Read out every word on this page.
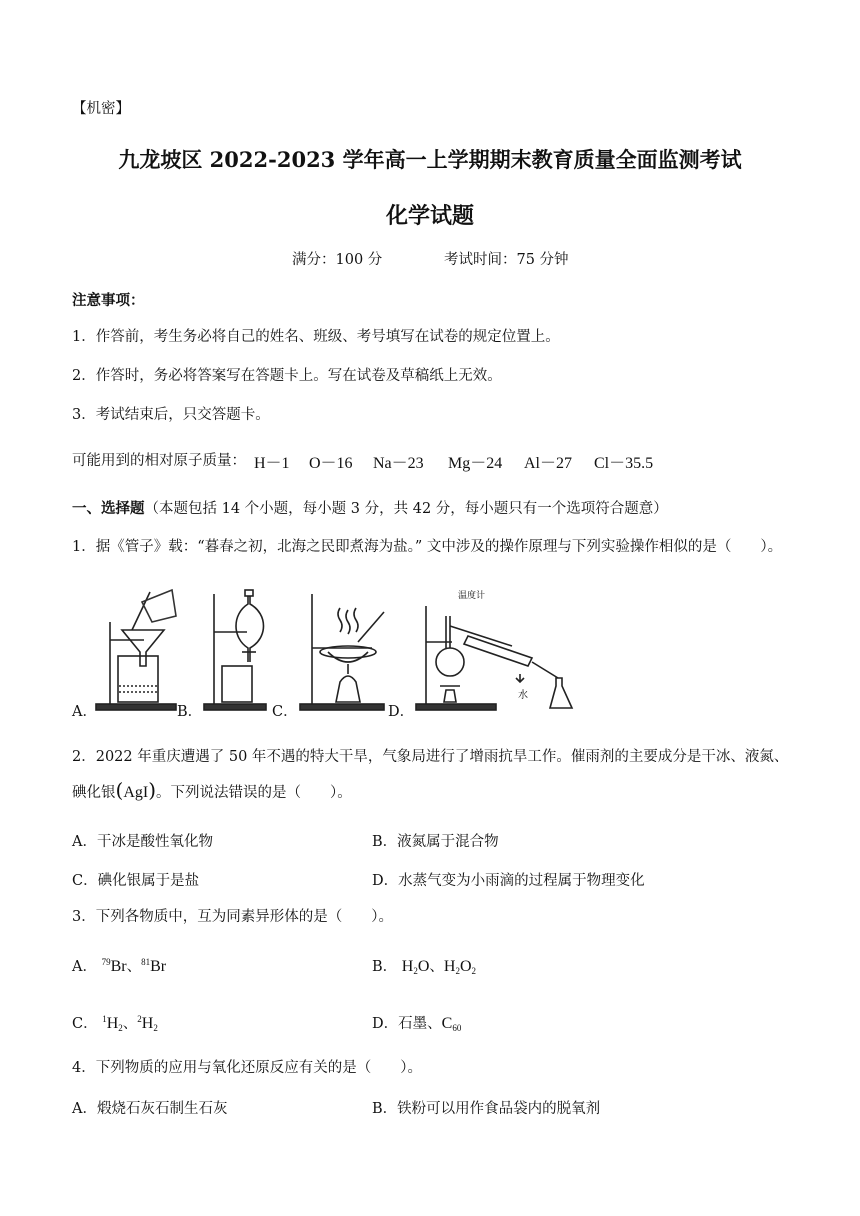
【机密】
九龙坡区 2022-2023 学年高一上学期期末教育质量全面监测考试
化学试题
满分：100 分	考试时间：75 分钟
注意事项：
1．作答前，考生务必将自己的姓名、班级、考号填写在试卷的规定位置上。
2．作答时，务必将答案写在答题卡上。写在试卷及草稿纸上无效。
3．考试结束后，只交答题卡。
可能用到的相对原子质量： H－1 O－16 Na－23 Mg－24 Al－27 Cl－35.5
一、选择题（本题包括 14 个小题，每小题 3 分，共 42 分，每小题只有一个选项符合题意）
1．据《管子》载：“暮春之初，北海之民即煮海为盐。” 文中涉及的操作原理与下列实验操作相似的是（　　）。
温度计
水
A．	B．	C．	D．
2．2022 年重庆遭遇了 50 年不遇的特大干旱，气象局进行了增雨抗旱工作。催雨剂的主要成分是干冰、液氮、
碘化银(AgI)。下列说法错误的是（　　）。
A．干冰是酸性氧化物	B．液氮属于混合物
C．碘化银属于是盐	D．水蒸气变为小雨滴的过程属于物理变化
3．下列各物质中，互为同素异形体的是（　　）。
A． $^{79}$Br、$^{81}$Br	B． $H_2O$、$H_2O_2$
C． $^1H_2$、$^2H_2$	D．石墨、$C_{60}$
4．下列物质的应用与氧化还原反应有关的是（　　）。
A．煅烧石灰石制生石灰	B．铁粉可以用作食品袋内的脱氧剂
